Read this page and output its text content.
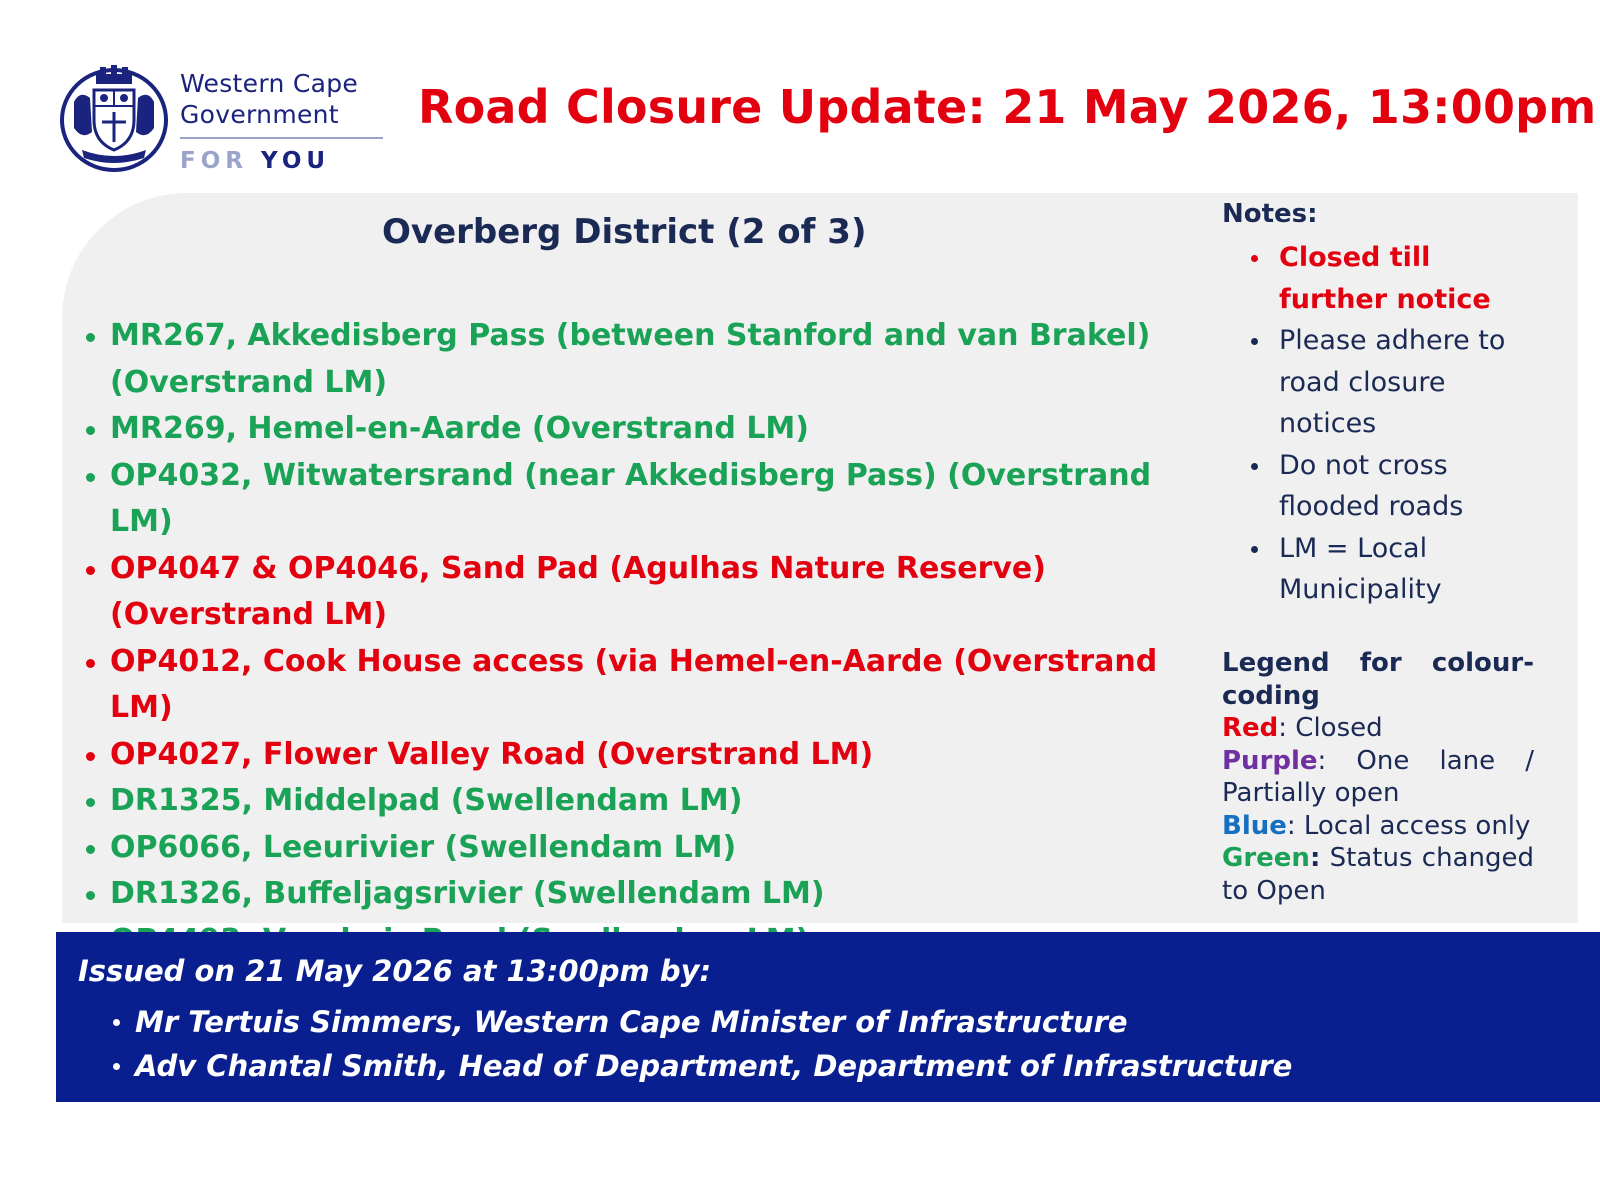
Western Cape
Government
FOR YOU
Road Closure Update: 21 May 2026, 13:00pm
Overberg District (2 of 3)
MR267, Akkedisberg Pass (between Stanford and van Brakel)(Overstrand LM)
MR269, Hemel-en-Aarde (Overstrand LM)
OP4032, Witwatersrand (near Akkedisberg Pass) (Overstrand LM)
OP4047 & OP4046, Sand Pad (Agulhas Nature Reserve)(Overstrand LM)
OP4012, Cook House access (via Hemel-en-Aarde (Overstrand LM)
OP4027, Flower Valley Road (Overstrand LM)
DR1325, Middelpad (Swellendam LM)
OP6066, Leeurivier (Swellendam LM)
DR1326, Buffeljagsrivier (Swellendam LM)
Notes:
Closed till further notice
Please adhere to road closure notices
Do not cross flooded roads
LM = Local Municipality
Legend for colour-
coding
Red: Closed
Purple: One lane / Partially open
Blue: Local access only
Green: Status changed to Open
Issued on 21 May 2026 at 13:00pm by:
Mr Tertuis Simmers, Western Cape Minister of Infrastructure
Adv Chantal Smith, Head of Department, Department of Infrastructure
